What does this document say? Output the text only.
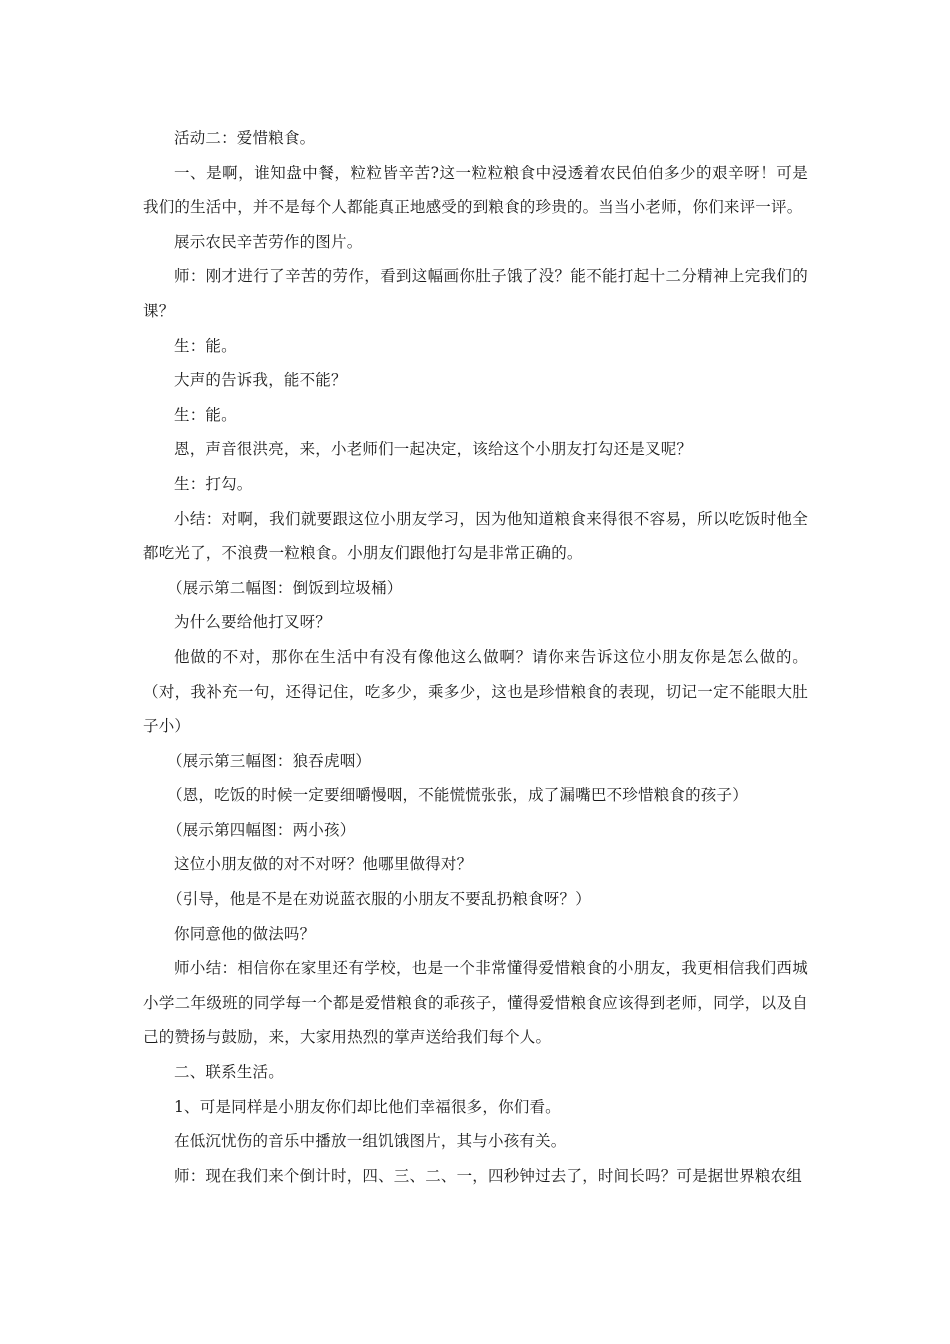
活动二：爱惜粮食。

一、是啊，谁知盘中餐，粒粒皆辛苦?这一粒粒粮食中浸透着农民伯伯多少的艰辛呀！可是我们的生活中，并不是每个人都能真正地感受的到粮食的珍贵的。当当小老师，你们来评一评。

展示农民辛苦劳作的图片。

师：刚才进行了辛苦的劳作，看到这幅画你肚子饿了没？能不能打起十二分精神上完我们的课？

生：能。

大声的告诉我，能不能？

生：能。

恩，声音很洪亮，来，小老师们一起决定，该给这个小朋友打勾还是叉呢？

生：打勾。

小结：对啊，我们就要跟这位小朋友学习，因为他知道粮食来得很不容易，所以吃饭时他全都吃光了，不浪费一粒粮食。小朋友们跟他打勾是非常正确的。

（展示第二幅图：倒饭到垃圾桶）

为什么要给他打叉呀？

他做的不对，那你在生活中有没有像他这么做啊？请你来告诉这位小朋友你是怎么做的。（对，我补充一句，还得记住，吃多少，乘多少，这也是珍惜粮食的表现，切记一定不能眼大肚子小）

（展示第三幅图：狼吞虎咽）

（恩，吃饭的时候一定要细嚼慢咽，不能慌慌张张，成了漏嘴巴不珍惜粮食的孩子）

（展示第四幅图：两小孩）

这位小朋友做的对不对呀？他哪里做得对？

（引导，他是不是在劝说蓝衣服的小朋友不要乱扔粮食呀？）

你同意他的做法吗？

师小结：相信你在家里还有学校，也是一个非常懂得爱惜粮食的小朋友，我更相信我们西城小学二年级班的同学每一个都是爱惜粮食的乖孩子，懂得爱惜粮食应该得到老师，同学，以及自己的赞扬与鼓励，来，大家用热烈的掌声送给我们每个人。

二、联系生活。

1、可是同样是小朋友你们却比他们幸福很多，你们看。

在低沉忧伤的音乐中播放一组饥饿图片，其与小孩有关。

师：现在我们来个倒计时，四、三、二、一，四秒钟过去了，时间长吗？可是据世界粮农组
